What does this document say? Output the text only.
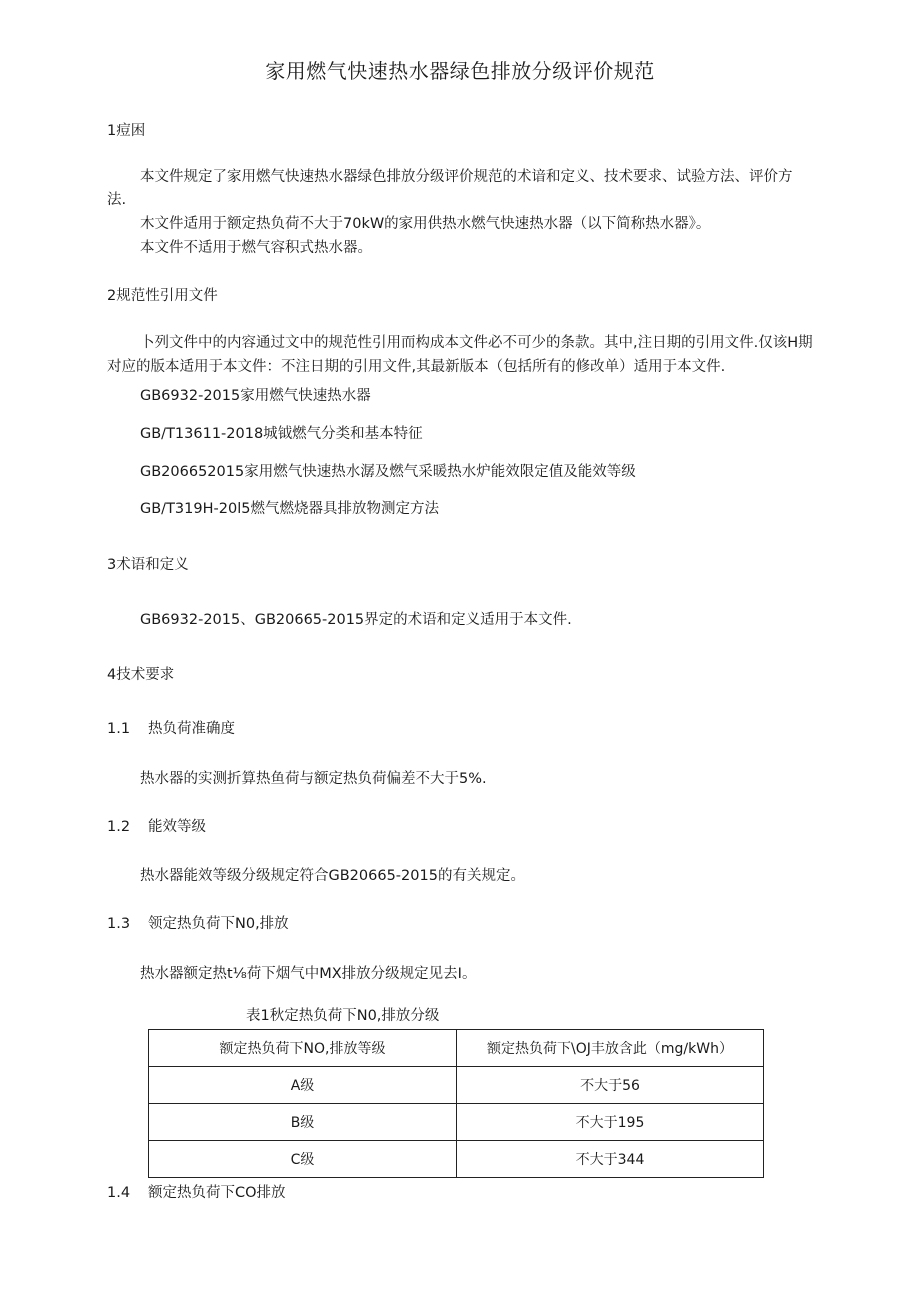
家用燃气快速热水器绿色排放分级评价规范
1痘困
本文件规定了家用燃气快速热水器绿色排放分级评价规范的术谙和定义、技术要求、试验方法、评价方
法.
木文件适用于额定热负荷不大于70kW的家用供热水燃气快速热水器（以下简称热水器》。
本文件不适用于燃气容积式热水器。
2规范性引用文件
卜列文件中的内容通过文中的规范性引用而构成本文件必不可少的条款。其中,注日期的引用文件.仅该H期
对应的版本适用于本文件：不注日期的引用文件,其最新版本（包括所有的修改单）适用于本文件.
GB6932-2015家用燃气快速热水器
GB/T13611-2018城钺燃气分类和基本特征
GB206652015家用燃气快速热水潺及燃气采暖热水炉能效限定值及能效等级
GB/T319H-20l5燃气燃烧器具排放物测定方法
3术语和定义
GB6932-2015、GB20665-2015界定的术语和定义适用于本文件.
4技术要求
1.1 热负荷准确度
热水器的实测折算热鱼荷与额定热负荷偏差不大于5%.
1.2 能效等级
热水器能效等级分级规定符合GB20665-2015的有关规定。
1.3 领定热负荷下N0,排放
热水器额定热t⅛荷下烟气中MX排放分级规定见去I。
表1秋定热负荷下N0,排放分级
额定热负荷下NO,排放等级	额定热负荷下\OJ丰放含此（mg∕kWh）
A级	不大于56
B级	不大于195
C级	不大于344
1.4 额定热负荷下CO排放
